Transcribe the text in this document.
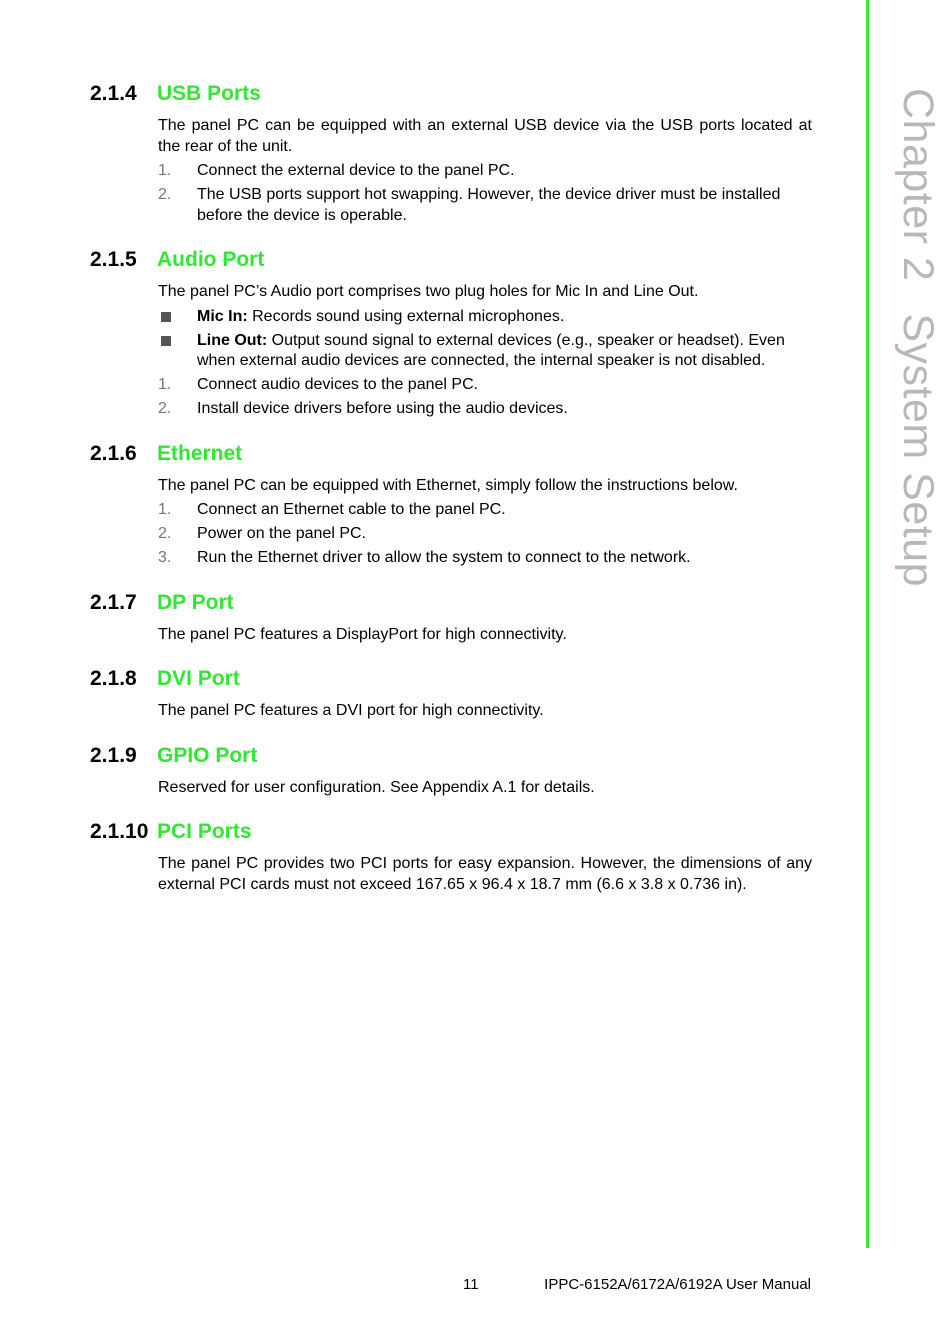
Chapter 2System Setup
2.1.4 USB Ports

The panel PC can be equipped with an external USB device via the USB ports located at the rear of the unit.

1. Connect the external device to the panel PC.
2. The USB ports support hot swapping. However, the device driver must be installed before the device is operable.
2.1.5 Audio Port

The panel PC’s Audio port comprises two plug holes for Mic In and Line Out.

Mic In: Records sound using external microphones.
Line Out: Output sound signal to external devices (e.g., speaker or headset). Even when external audio devices are connected, the internal speaker is not disabled.
1. Connect audio devices to the panel PC.
2. Install device drivers before using the audio devices.
2.1.6 Ethernet

The panel PC can be equipped with Ethernet, simply follow the instructions below.

1. Connect an Ethernet cable to the panel PC.
2. Power on the panel PC.
3. Run the Ethernet driver to allow the system to connect to the network.
2.1.7 DP Port

The panel PC features a DisplayPort for high connectivity.

2.1.8 DVI Port

The panel PC features a DVI port for high connectivity.

2.1.9 GPIO Port

Reserved for user configuration. See Appendix A.1 for details.

2.1.10 PCI Ports

The panel PC provides two PCI ports for easy expansion. However, the dimensions of any external PCI cards must not exceed 167.65 x 96.4 x 18.7 mm (6.6 x 3.8 x 0.736 in).

11	IPPC-6152A/6172A/6192A User Manual
